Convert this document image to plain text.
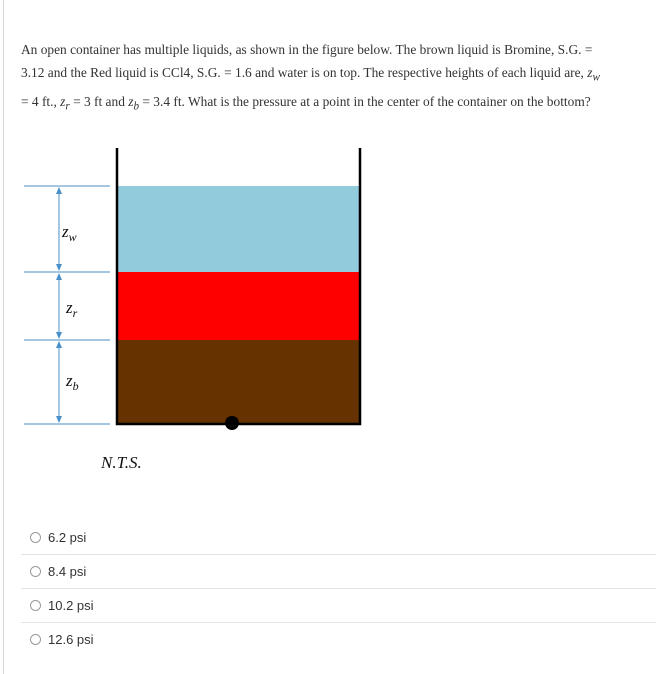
An open container has multiple liquids, as shown in the figure below. The brown liquid is Bromine, S.G. =

3.12 and the Red liquid is CCl4, S.G. = 1.6 and water is on top. The respective heights of each liquid are, $z_w$

= 4 ft., $z_r = 3$ ft and $z_b = 3.4$ ft. What is the pressure at a point in the center of the container on the bottom?

$z_w$
$z_r$
$z_b$
N.T.S.
6.2 psi
8.4 psi
10.2 psi
12.6 psi
